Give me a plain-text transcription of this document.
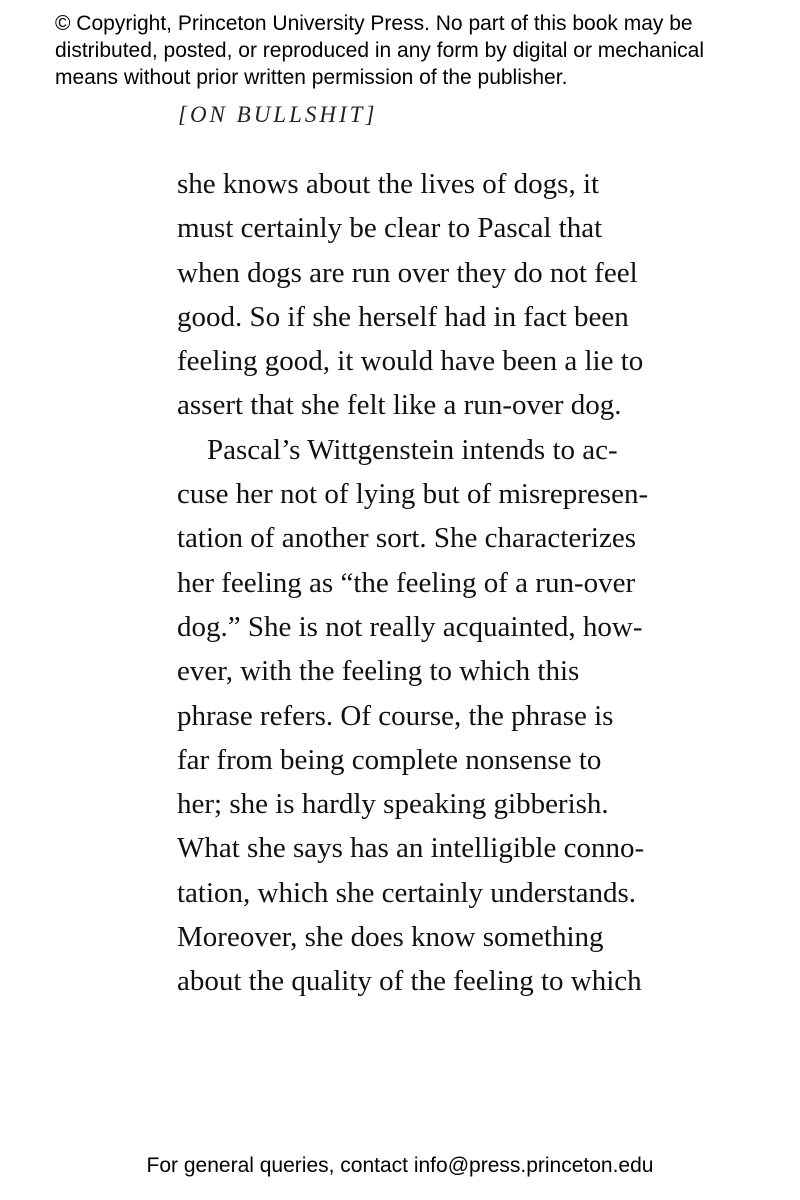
© Copyright, Princeton University Press. No part of this book may be
distributed, posted, or reproduced in any form by digital or mechanical
means without prior written permission of the publisher.
[ON BULLSHIT]
she knows about the lives of dogs, it
must certainly be clear to Pascal that
when dogs are run over they do not feel
good. So if she herself had in fact been
feeling good, it would have been a lie to
assert that she felt like a run-over dog.
Pascal’s Wittgenstein intends to ac-
cuse her not of lying but of misrepresen-
tation of another sort. She characterizes
her feeling as “the feeling of a run-over
dog.” She is not really acquainted, how-
ever, with the feeling to which this
phrase refers. Of course, the phrase is
far from being complete nonsense to
her; she is hardly speaking gibberish.
What she says has an intelligible conno-
tation, which she certainly understands.
Moreover, she does know something
about the quality of the feeling to which
For general queries, contact info@press.princeton.edu
